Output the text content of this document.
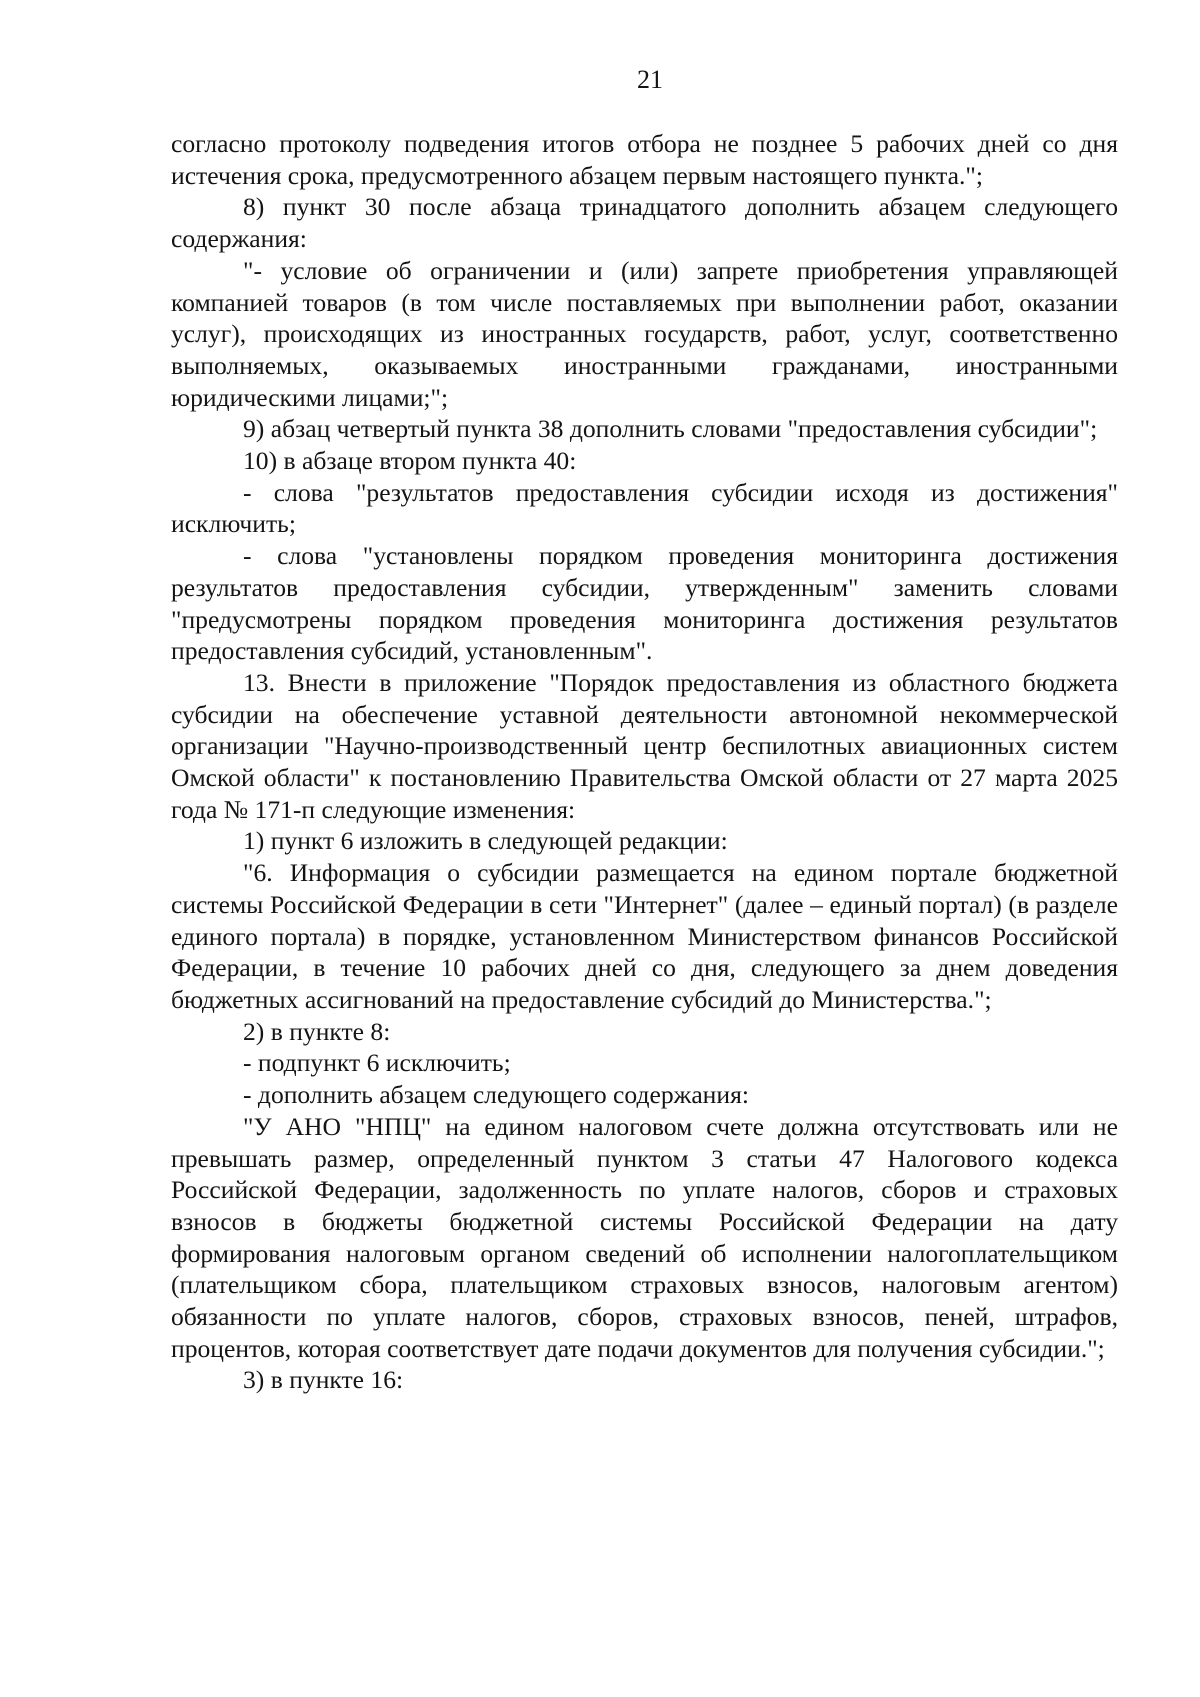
21

согласно протоколу подведения итогов отбора не позднее 5 рабочих дней со дня истечения срока, предусмотренного абзацем первым настоящего пункта.";

8) пункт 30 после абзаца тринадцатого дополнить абзацем следующего содержания:

"- условие об ограничении и (или) запрете приобретения управляющей компанией товаров (в том числе поставляемых при выполнении работ, оказании услуг), происходящих из иностранных государств, работ, услуг, соответственно выполняемых, оказываемых иностранными гражданами, иностранными юридическими лицами;";

9) абзац четвертый пункта 38 дополнить словами "предоставления субсидии";

10) в абзаце втором пункта 40:

- слова "результатов предоставления субсидии исходя из достижения" исключить;

- слова "установлены порядком проведения мониторинга достижения результатов предоставления субсидии, утвержденным" заменить словами "предусмотрены порядком проведения мониторинга достижения результатов предоставления субсидий, установленным".

13. Внести в приложение "Порядок предоставления из областного бюджета субсидии на обеспечение уставной деятельности автономной некоммерческой организации "Научно-производственный центр беспилотных авиационных систем Омской области" к постановлению Правительства Омской области от 27 марта 2025 года № 171-п следующие изменения:

1) пункт 6 изложить в следующей редакции:

"6. Информация о субсидии размещается на едином портале бюджетной системы Российской Федерации в сети "Интернет" (далее – единый портал) (в разделе единого портала) в порядке, установленном Министерством финансов Российской Федерации, в течение 10 рабочих дней со дня, следующего за днем доведения бюджетных ассигнований на предоставление субсидий до Министерства.";

2) в пункте 8:

- подпункт 6 исключить;

- дополнить абзацем следующего содержания:

"У АНО "НПЦ" на едином налоговом счете должна отсутствовать или не превышать размер, определенный пунктом 3 статьи 47 Налогового кодекса Российской Федерации, задолженность по уплате налогов, сборов и страховых взносов в бюджеты бюджетной системы Российской Федерации на дату формирования налоговым органом сведений об исполнении налогоплательщиком (плательщиком сбора, плательщиком страховых взносов, налоговым агентом) обязанности по уплате налогов, сборов, страховых взносов, пеней, штрафов, процентов, которая соответствует дате подачи документов для получения субсидии.";

3) в пункте 16:
